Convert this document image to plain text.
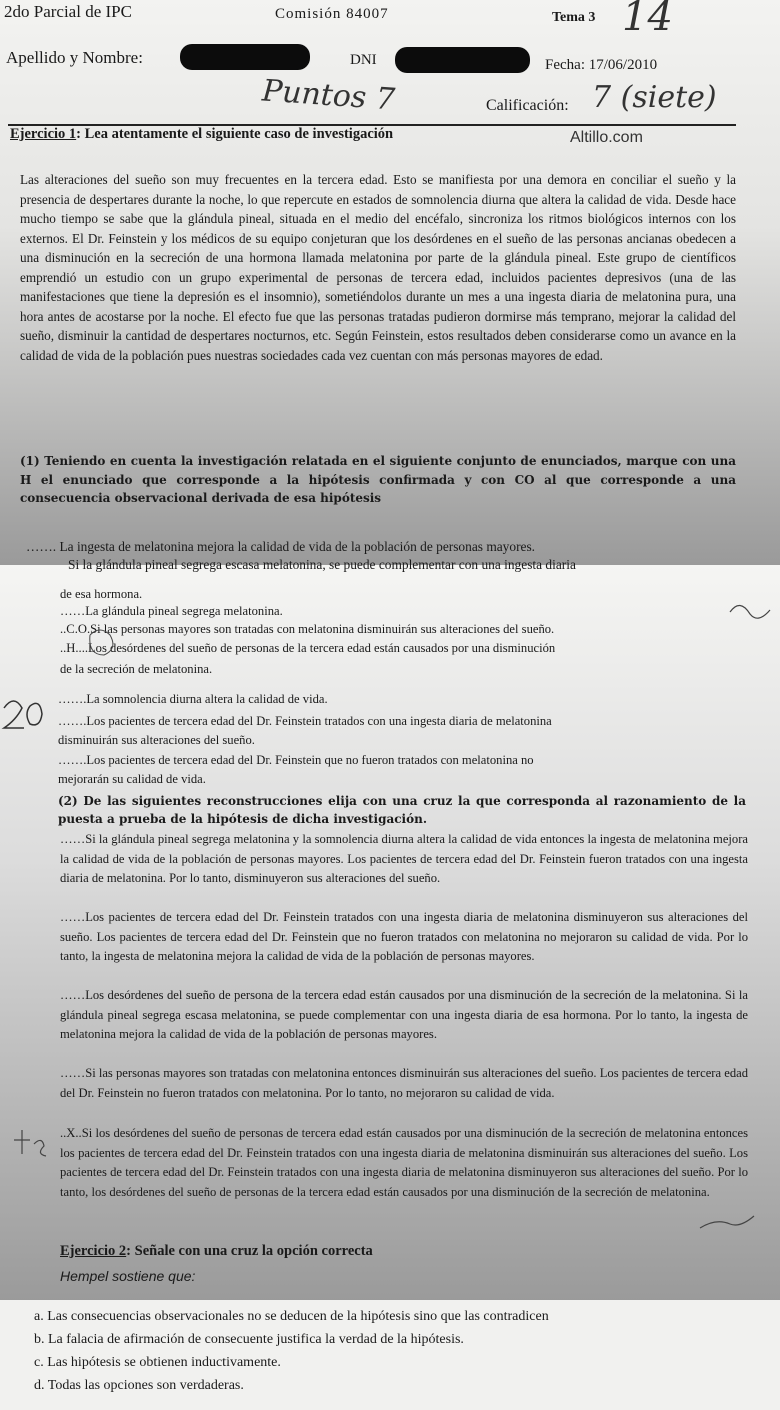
2do Parcial de IPC	Comisión 84007	Tema 3 14
Apellido y Nombre:	DNI	Fecha: 17/06/2010
Puntos 7	Calificación: 7 (siete)
Ejercicio 1: Lea atentamente el siguiente caso de investigación	Altillo.com
Las alteraciones del sueño son muy frecuentes en la tercera edad. Esto se manifiesta por una demora en conciliar el sueño y la presencia de despertares durante la noche, lo que repercute en estados de somnolencia diurna que altera la calidad de vida. Desde hace mucho tiempo se sabe que la glándula pineal, situada en el medio del encéfalo, sincroniza los ritmos biológicos internos con los externos. El Dr. Feinstein y los médicos de su equipo conjeturan que los desórdenes en el sueño de las personas ancianas obedecen a una disminución en la secreción de una hormona llamada melatonina por parte de la glándula pineal. Este grupo de científicos emprendió un estudio con un grupo experimental de personas de tercera edad, incluidos pacientes depresivos (una de las manifestaciones que tiene la depresión es el insomnio), sometiéndolos durante un mes a una ingesta diaria de melatonina pura, una hora antes de acostarse por la noche. El efecto fue que las personas tratadas pudieron dormirse más temprano, mejorar la calidad del sueño, disminuir la cantidad de despertares nocturnos, etc. Según Feinstein, estos resultados deben considerarse como un avance en la calidad de vida de la población pues nuestras sociedades cada vez cuentan con más personas mayores de edad.
(1) Teniendo en cuenta la investigación relatada en el siguiente conjunto de enunciados, marque con una H el enunciado que corresponde a la hipótesis confirmada y con CO al que corresponde a una consecuencia observacional derivada de esa hipótesis
……. La ingesta de melatonina mejora la calidad de vida de la población de personas mayores.
Si la glándula pineal segrega escasa melatonina, se puede complementar con una ingesta diaria
de esa hormona.
……La glándula pineal segrega melatonina.
..C.O.Si las personas mayores son tratadas con melatonina disminuirán sus alteraciones del sueño.
..H....Los desórdenes del sueño de personas de la tercera edad están causados por una disminución
de la secreción de melatonina.
…….La somnolencia diurna altera la calidad de vida.
…….Los pacientes de tercera edad del Dr. Feinstein tratados con una ingesta diaria de melatonina
disminuirán sus alteraciones del sueño.
…….Los pacientes de tercera edad del Dr. Feinstein que no fueron tratados con melatonina no
mejorarán su calidad de vida.
(2) De las siguientes reconstrucciones elija con una cruz la que corresponda al razonamiento de la puesta a prueba de la hipótesis de dicha investigación.
……Si la glándula pineal segrega melatonina y la somnolencia diurna altera la calidad de vida entonces la ingesta de melatonina mejora la calidad de vida de la población de personas mayores. Los pacientes de tercera edad del Dr. Feinstein fueron tratados con una ingesta diaria de melatonina. Por lo tanto, disminuyeron sus alteraciones del sueño.
……Los pacientes de tercera edad del Dr. Feinstein tratados con una ingesta diaria de melatonina disminuyeron sus alteraciones del sueño. Los pacientes de tercera edad del Dr. Feinstein que no fueron tratados con melatonina no mejoraron su calidad de vida. Por lo tanto, la ingesta de melatonina mejora la calidad de vida de la población de personas mayores.
……Los desórdenes del sueño de persona de la tercera edad están causados por una disminución de la secreción de la melatonina. Si la glándula pineal segrega escasa melatonina, se puede complementar con una ingesta diaria de esa hormona. Por lo tanto, la ingesta de melatonina mejora la calidad de vida de la población de personas mayores.
……Si las personas mayores son tratadas con melatonina entonces disminuirán sus alteraciones del sueño. Los pacientes de tercera edad del Dr. Feinstein no fueron tratados con melatonina. Por lo tanto, no mejoraron su calidad de vida.
..X..Si los desórdenes del sueño de personas de tercera edad están causados por una disminución de la secreción de melatonina entonces los pacientes de tercera edad del Dr. Feinstein tratados con una ingesta diaria de melatonina disminuirán sus alteraciones del sueño. Los pacientes de tercera edad del Dr. Feinstein tratados con una ingesta diaria de melatonina disminuyeron sus alteraciones del sueño. Por lo tanto, los desórdenes del sueño de personas de la tercera edad están causados por una disminución de la secreción de melatonina.
Ejercicio 2: Señale con una cruz la opción correcta
Hempel sostiene que:
a. Las consecuencias observacionales no se deducen de la hipótesis sino que las contradicen
b. La falacia de afirmación de consecuente justifica la verdad de la hipótesis.
c. Las hipótesis se obtienen inductivamente.
d. Todas las opciones son verdaderas.
